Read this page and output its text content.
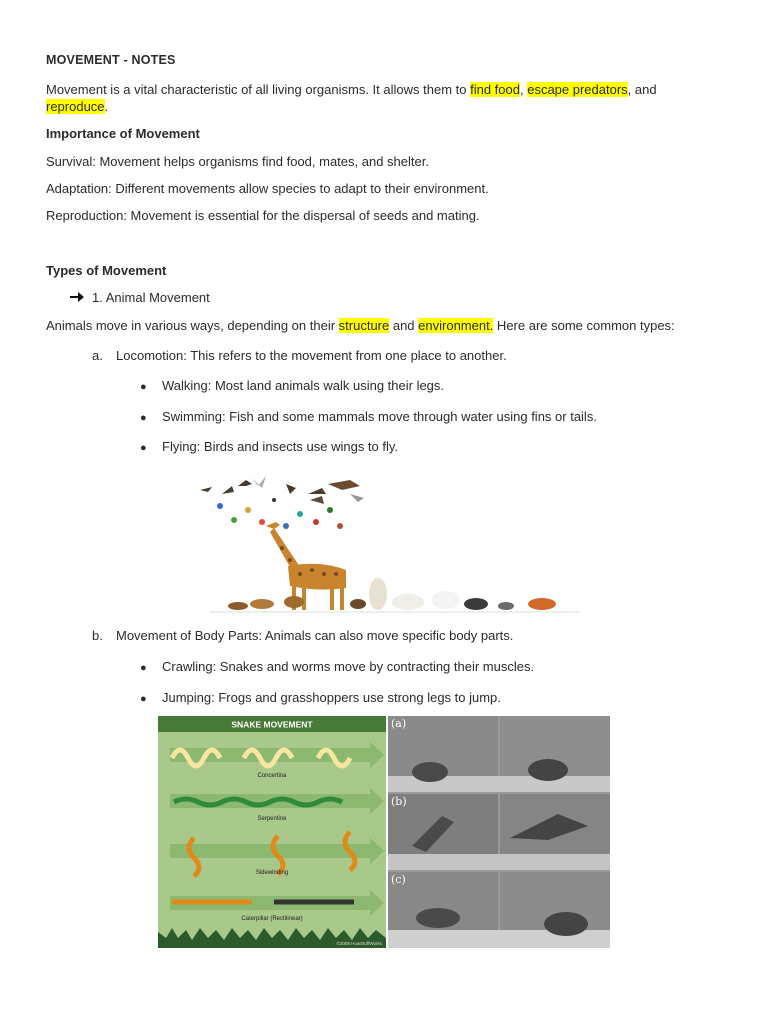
MOVEMENT - NOTES
Movement is a vital characteristic of all living organisms. It allows them to find food, escape predators, and
reproduce.
Importance of Movement
Survival: Movement helps organisms find food, mates, and shelter.
Adaptation: Different movements allow species to adapt to their environment.
Reproduction: Movement is essential for the dispersal of seeds and mating.
Types of Movement
1. Animal Movement
Animals move in various ways, depending on their structure and environment. Here are some common types:
a. Locomotion: This refers to the movement from one place to another.
● Walking: Most land animals walk using their legs.
● Swimming: Fish and some mammals move through water using fins or tails.
● Flying: Birds and insects use wings to fly.
b. Movement of Body Parts: Animals can also move specific body parts.
● Crawling: Snakes and worms move by contracting their muscles.
● Jumping: Frogs and grasshoppers use strong legs to jump.
SNAKE MOVEMENT
Concertina
Serpentine
Sidewinding
Caterpillar (Rectilinear)
©2008 HowStuffWorks
(a)
(b)
(c)
